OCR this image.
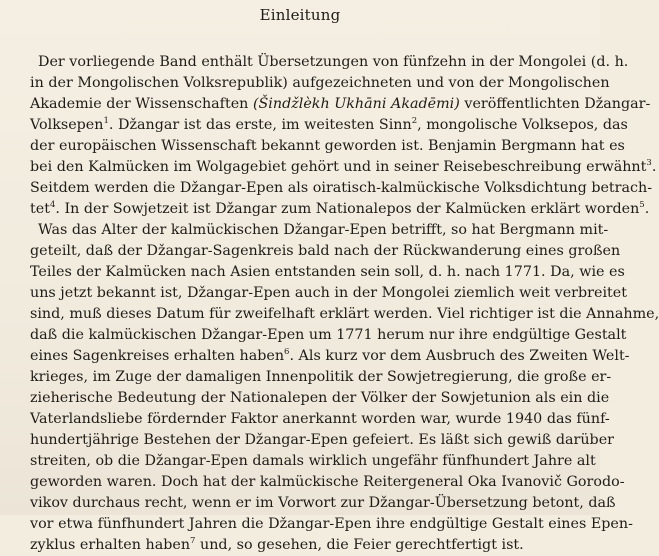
Einleitung
Der vorliegende Band enthält Übersetzungen von fünfzehn in der Mongolei (d. h.
in der Mongolischen Volksrepublik) aufgezeichneten und von der Mongolischen
Akademie der Wissenschaften (Šindžlèkh Ukhāni Akadēmi) veröffentlichten Džangar-
Volksepen$^1$. Džangar ist das erste, im weitesten Sinn$^2$, mongolische Volksepos, das
der europäischen Wissenschaft bekannt geworden ist. Benjamin Bergmann hat es
bei den Kalmücken im Wolgagebiet gehört und in seiner Reisebeschreibung erwähnt$^3$.
Seitdem werden die Džangar-Epen als oiratisch-kalmückische Volksdichtung betrach-
tet$^4$. In der Sowjetzeit ist Džangar zum Nationalepos der Kalmücken erklärt worden$^5$.
Was das Alter der kalmückischen Džangar-Epen betrifft, so hat Bergmann mit-
geteilt, daß der Džangar-Sagenkreis bald nach der Rückwanderung eines großen
Teiles der Kalmücken nach Asien entstanden sein soll, d. h. nach 1771. Da, wie es
uns jetzt bekannt ist, Džangar-Epen auch in der Mongolei ziemlich weit verbreitet
sind, muß dieses Datum für zweifelhaft erklärt werden. Viel richtiger ist die Annahme,
daß die kalmückischen Džangar-Epen um 1771 herum nur ihre endgültige Gestalt
eines Sagenkreises erhalten haben$^6$. Als kurz vor dem Ausbruch des Zweiten Welt-
krieges, im Zuge der damaligen Innenpolitik der Sowjetregierung, die große er-
zieherische Bedeutung der Nationalepen der Völker der Sowjetunion als ein die
Vaterlandsliebe fördernder Faktor anerkannt worden war, wurde 1940 das fünf-
hundertjährige Bestehen der Džangar-Epen gefeiert. Es läßt sich gewiß darüber
streiten, ob die Džangar-Epen damals wirklich ungefähr fünfhundert Jahre alt
geworden waren. Doch hat der kalmückische Reitergeneral Oka Ivanovič Gorodo-
vikov durchaus recht, wenn er im Vorwort zur Džangar-Übersetzung betont, daß
vor etwa fünfhundert Jahren die Džangar-Epen ihre endgültige Gestalt eines Epen-
zyklus erhalten haben$^7$ und, so gesehen, die Feier gerechtfertigt ist.
